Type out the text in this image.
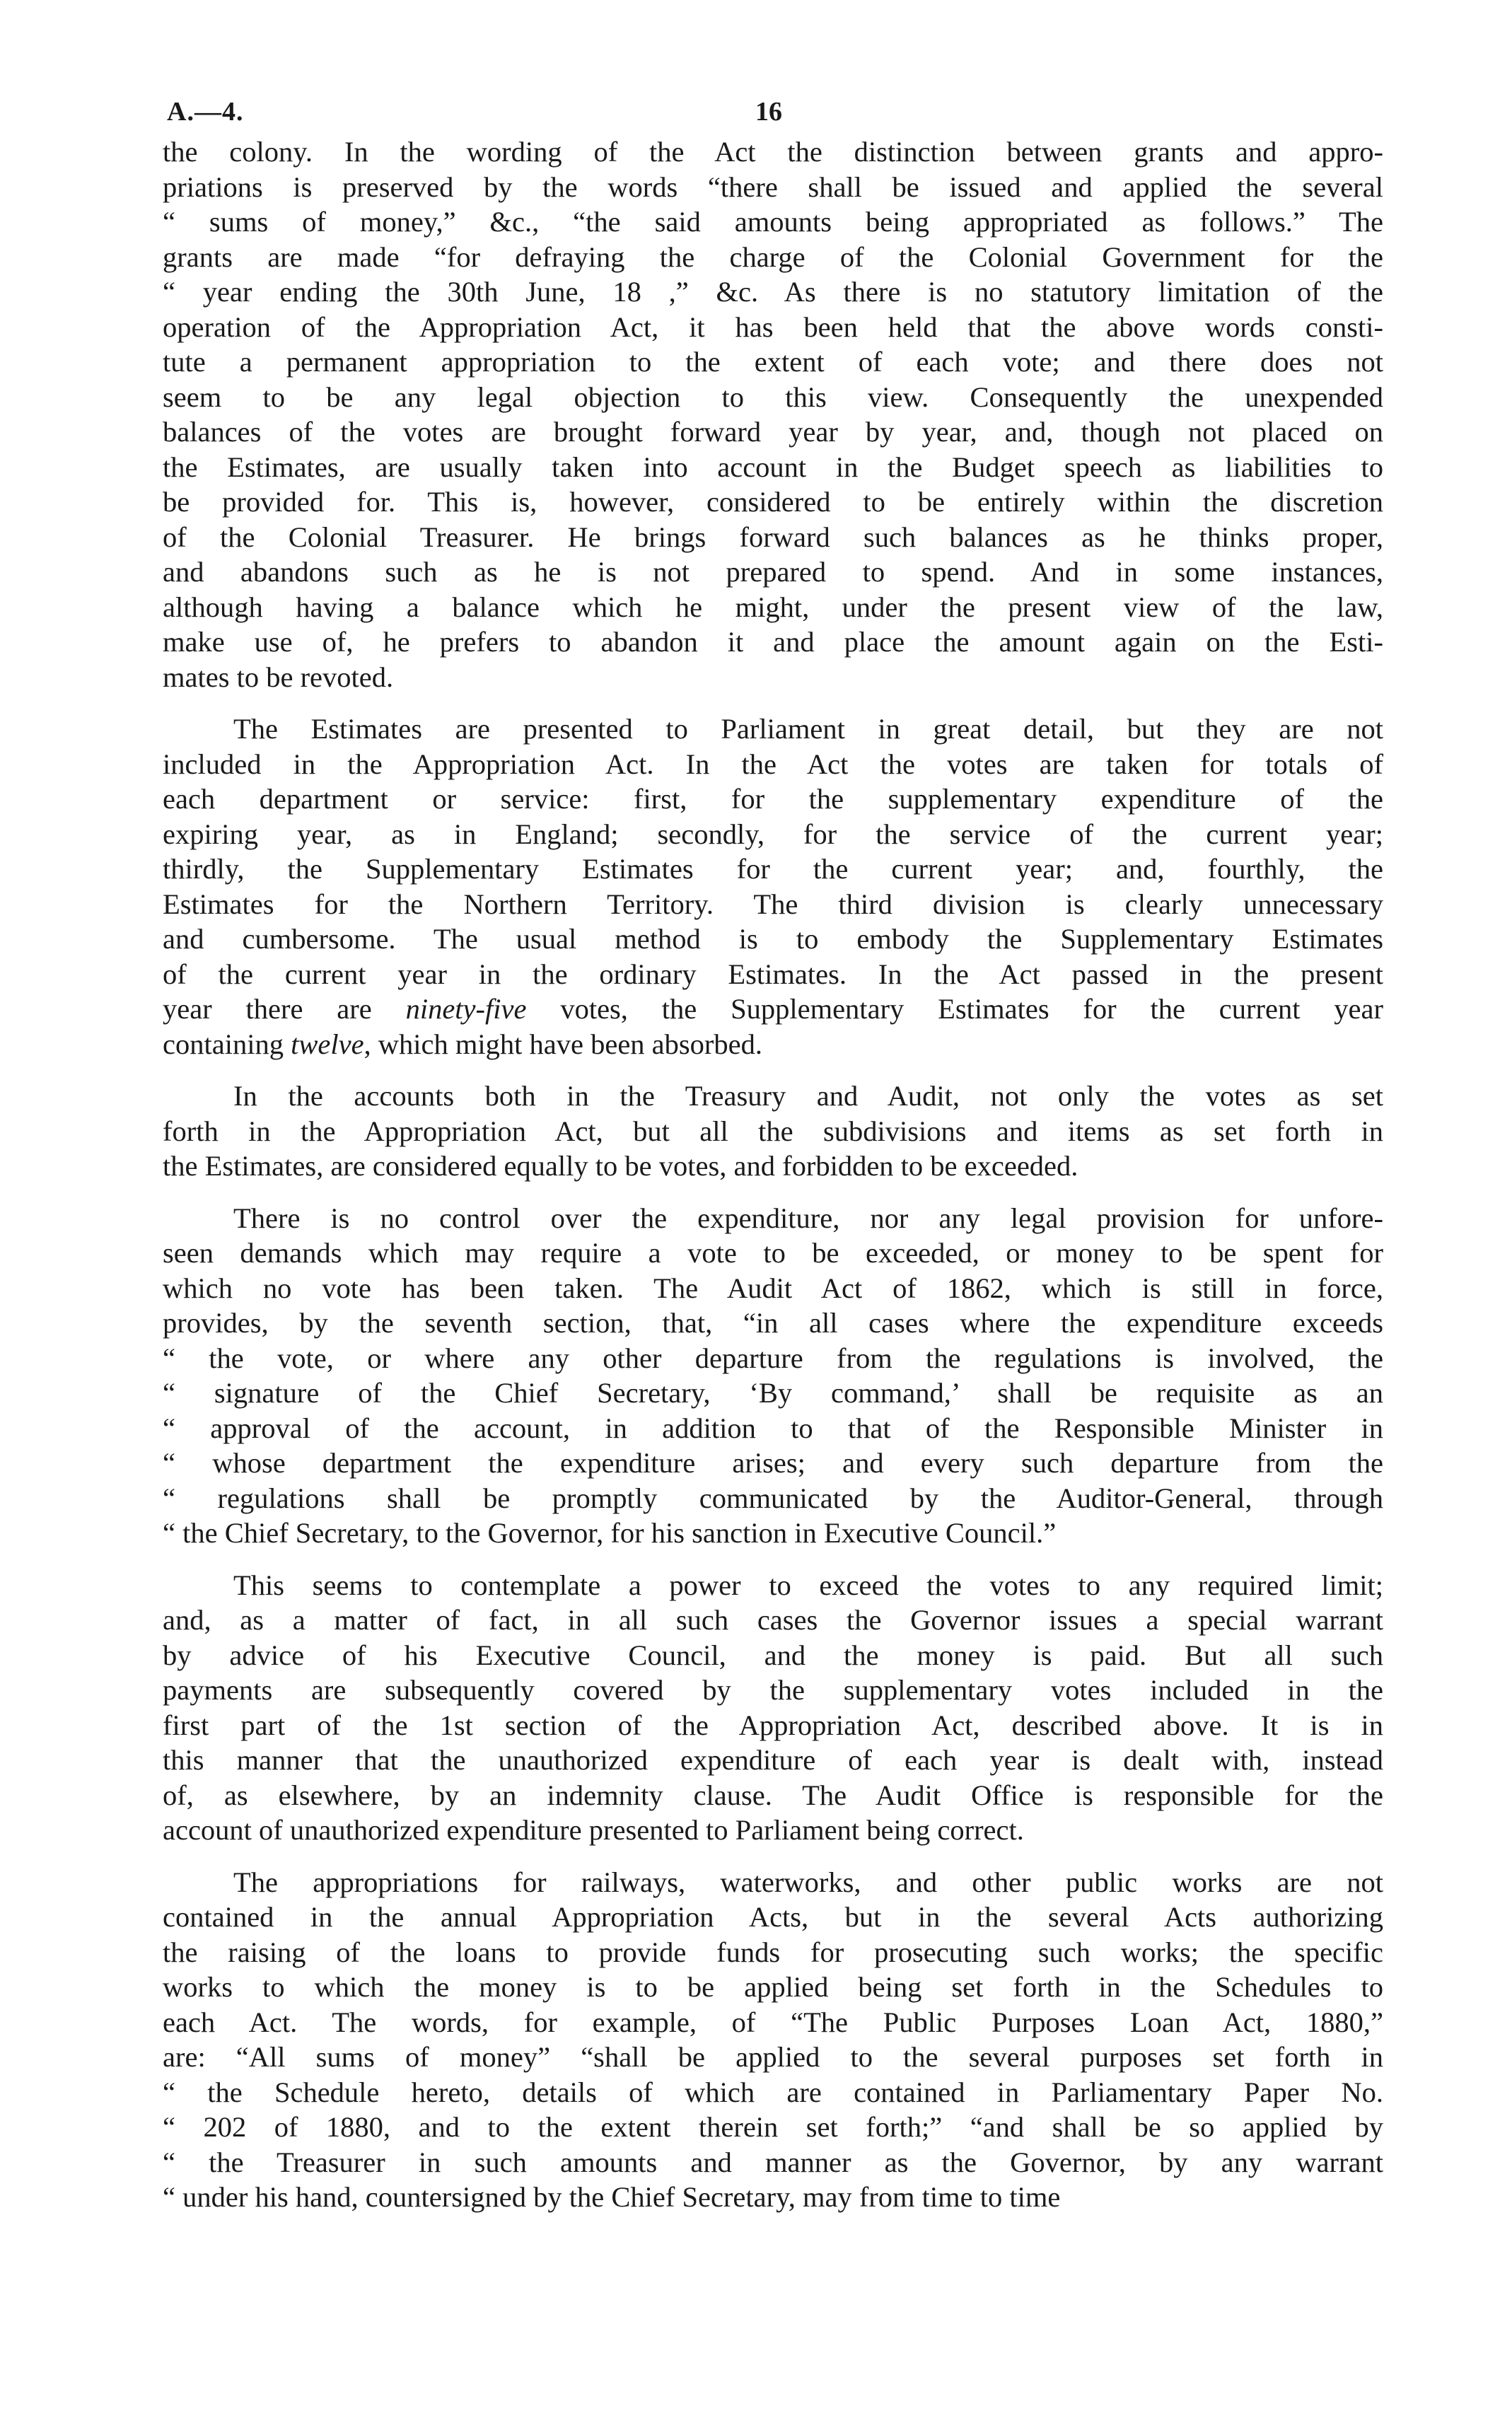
A.—4.	16
the colony. In the wording of the Act the distinction between grants and appro-
priations is preserved by the words “there shall be issued and applied the several
“ sums of money,” &c., “the said amounts being appropriated as follows.” The
grants are made “for defraying the charge of the Colonial Government for the
“ year ending the 30th June, 18 ,” &c. As there is no statutory limitation of the
operation of the Appropriation Act, it has been held that the above words consti-
tute a permanent appropriation to the extent of each vote; and there does not
seem to be any legal objection to this view. Consequently the unexpended
balances of the votes are brought forward year by year, and, though not placed on
the Estimates, are usually taken into account in the Budget speech as liabilities to
be provided for. This is, however, considered to be entirely within the discretion
of the Colonial Treasurer. He brings forward such balances as he thinks proper,
and abandons such as he is not prepared to spend. And in some instances,
although having a balance which he might, under the present view of the law,
make use of, he prefers to abandon it and place the amount again on the Esti-
mates to be revoted.
The Estimates are presented to Parliament in great detail, but they are not
included in the Appropriation Act. In the Act the votes are taken for totals of
each department or service: first, for the supplementary expenditure of the
expiring year, as in England; secondly, for the service of the current year;
thirdly, the Supplementary Estimates for the current year; and, fourthly, the
Estimates for the Northern Territory. The third division is clearly unnecessary
and cumbersome. The usual method is to embody the Supplementary Estimates
of the current year in the ordinary Estimates. In the Act passed in the present
year there are ninety-five votes, the Supplementary Estimates for the current year
containing twelve, which might have been absorbed.
In the accounts both in the Treasury and Audit, not only the votes as set
forth in the Appropriation Act, but all the subdivisions and items as set forth in
the Estimates, are considered equally to be votes, and forbidden to be exceeded.
There is no control over the expenditure, nor any legal provision for unfore-
seen demands which may require a vote to be exceeded, or money to be spent for
which no vote has been taken. The Audit Act of 1862, which is still in force,
provides, by the seventh section, that, “in all cases where the expenditure exceeds
“ the vote, or where any other departure from the regulations is involved, the
“ signature of the Chief Secretary, ‘By command,’ shall be requisite as an
“ approval of the account, in addition to that of the Responsible Minister in
“ whose department the expenditure arises; and every such departure from the
“ regulations shall be promptly communicated by the Auditor-General, through
“ the Chief Secretary, to the Governor, for his sanction in Executive Council.”
This seems to contemplate a power to exceed the votes to any required limit;
and, as a matter of fact, in all such cases the Governor issues a special warrant
by advice of his Executive Council, and the money is paid. But all such
payments are subsequently covered by the supplementary votes included in the
first part of the 1st section of the Appropriation Act, described above. It is in
this manner that the unauthorized expenditure of each year is dealt with, instead
of, as elsewhere, by an indemnity clause. The Audit Office is responsible for the
account of unauthorized expenditure presented to Parliament being correct.
The appropriations for railways, waterworks, and other public works are not
contained in the annual Appropriation Acts, but in the several Acts authorizing
the raising of the loans to provide funds for prosecuting such works; the specific
works to which the money is to be applied being set forth in the Schedules to
each Act. The words, for example, of “The Public Purposes Loan Act, 1880,”
are: “All sums of money” “shall be applied to the several purposes set forth in
“ the Schedule hereto, details of which are contained in Parliamentary Paper No.
“ 202 of 1880, and to the extent therein set forth;” “and shall be so applied by
“ the Treasurer in such amounts and manner as the Governor, by any warrant
“ under his hand, countersigned by the Chief Secretary, may from time to time
